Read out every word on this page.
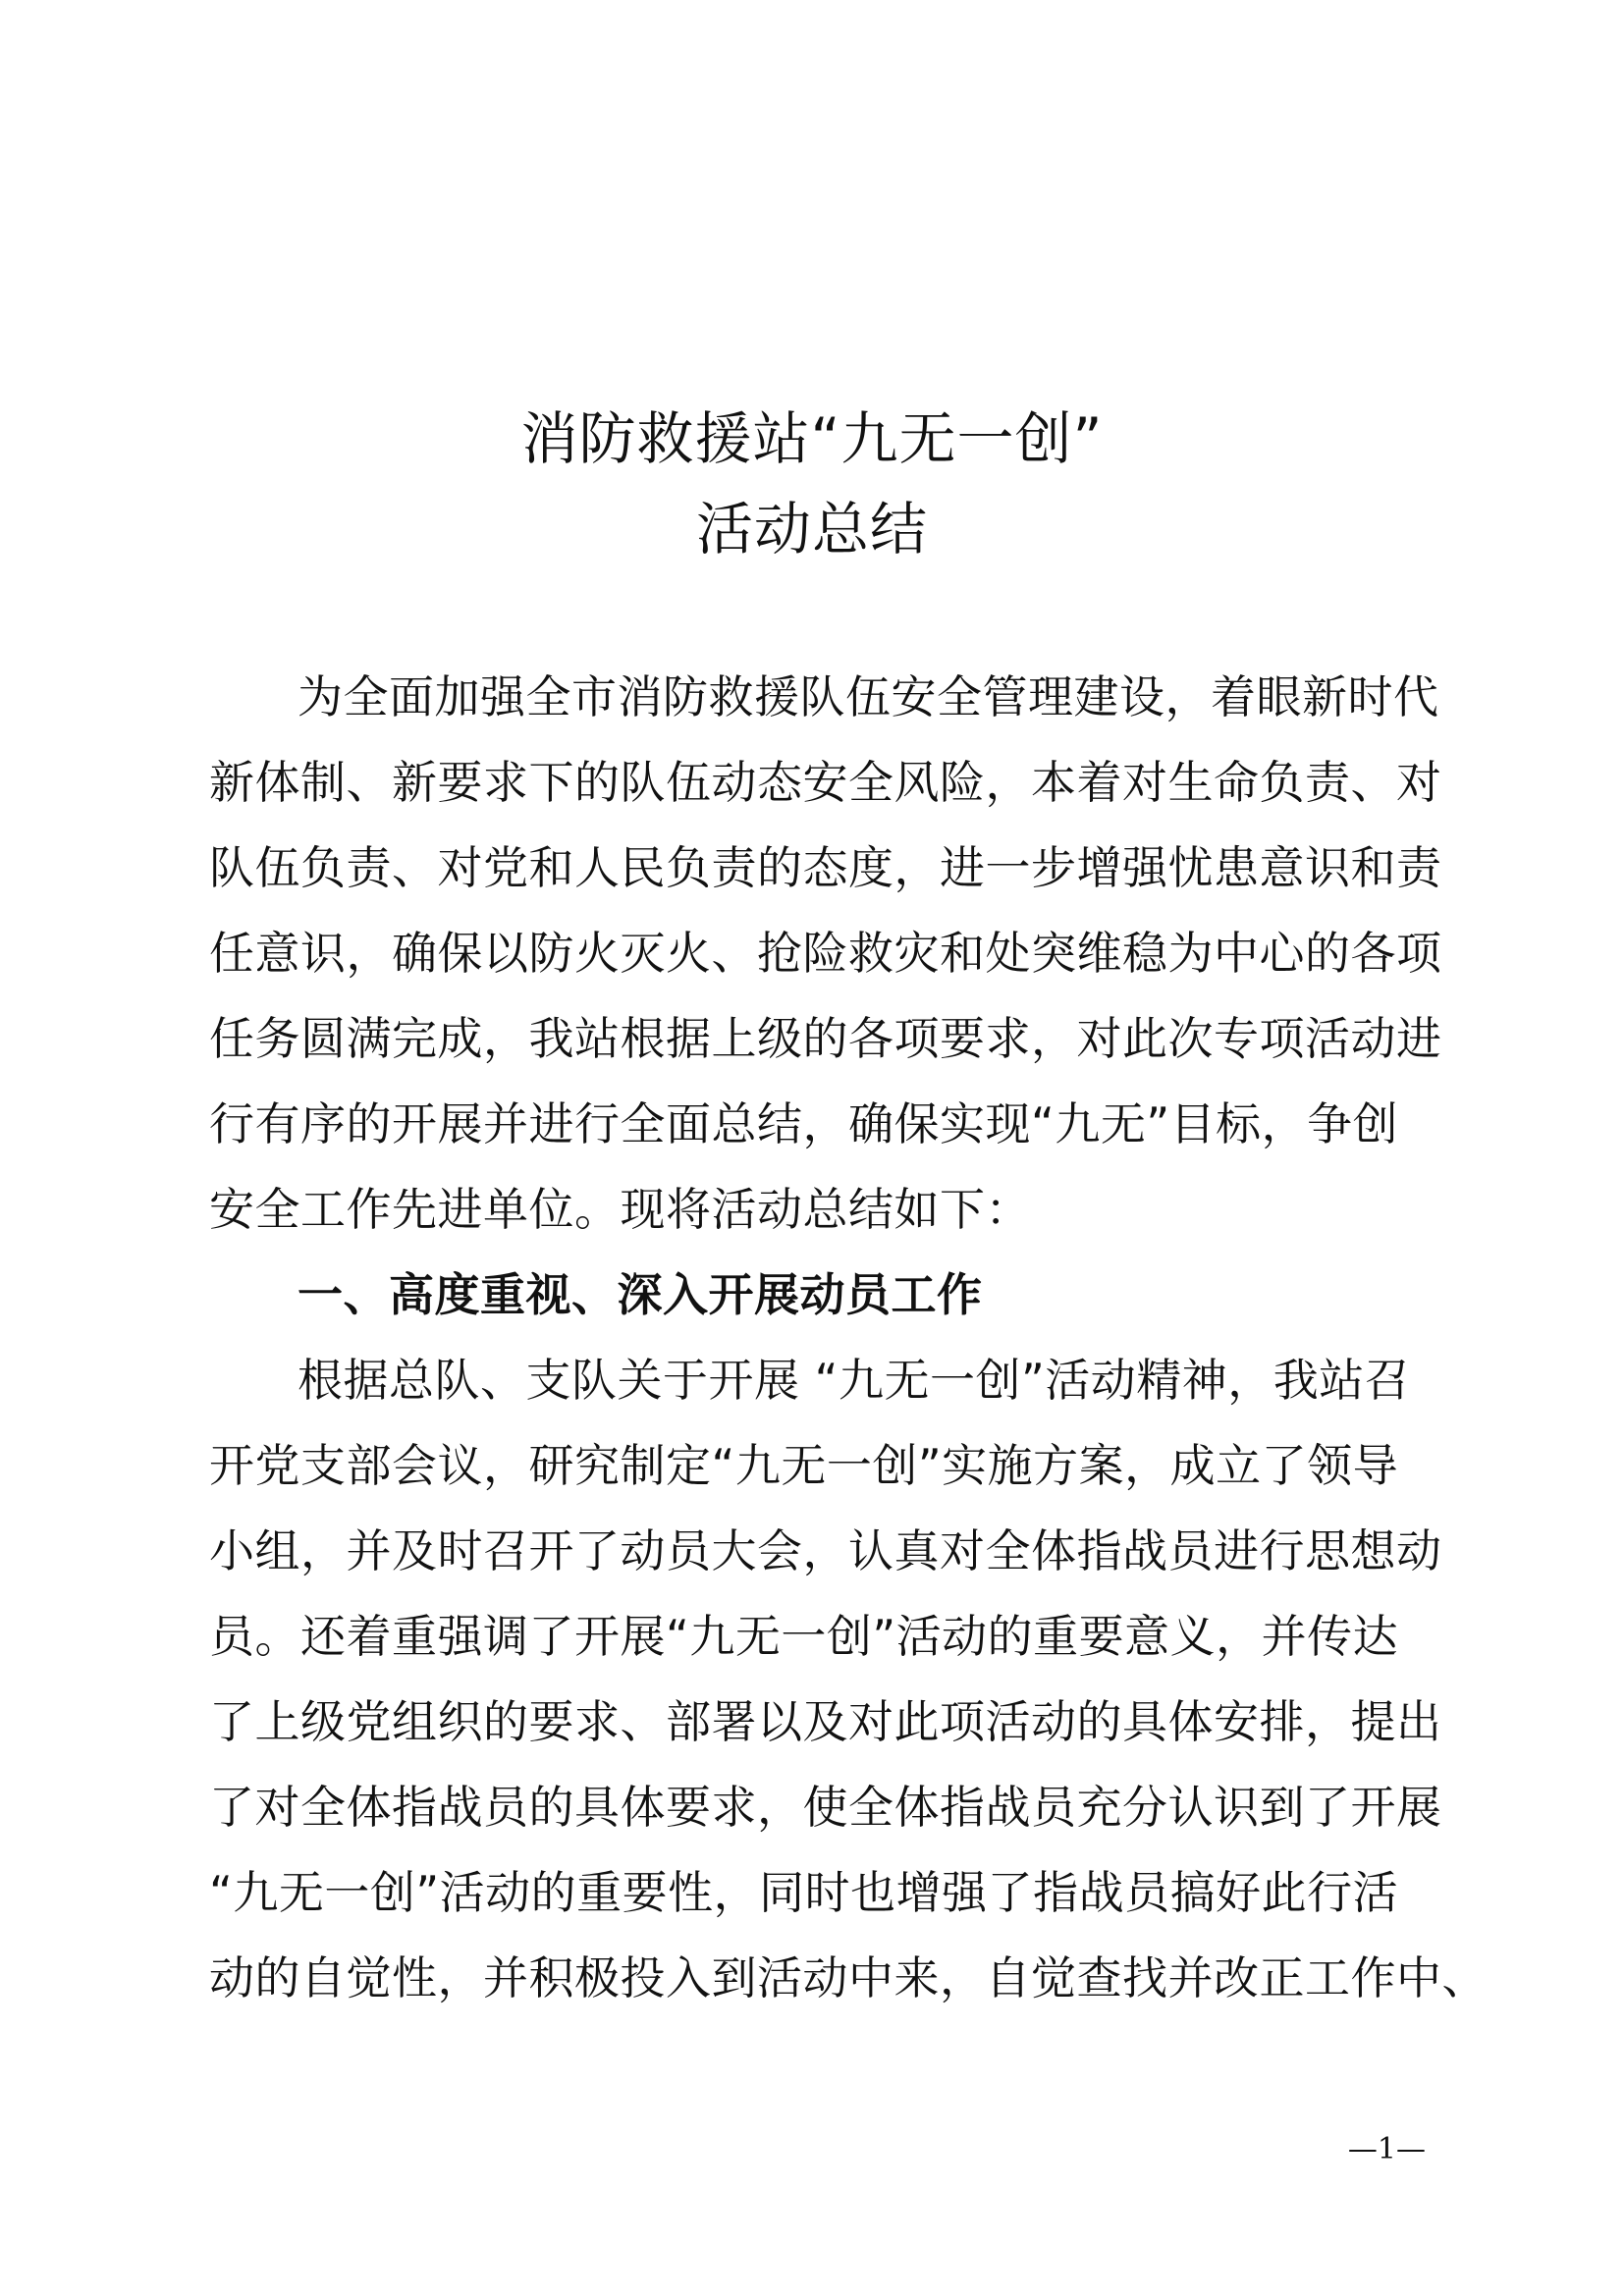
消防救援站“九无一创”
活动总结
为全面加强全市消防救援队伍安全管理建设，着眼新时代
新体制、新要求下的队伍动态安全风险，本着对生命负责、对
队伍负责、对党和人民负责的态度，进一步增强忧患意识和责
任意识，确保以防火灭火、抢险救灾和处突维稳为中心的各项
任务圆满完成，我站根据上级的各项要求，对此次专项活动进
行有序的开展并进行全面总结，确保实现“九无”目标，争创
安全工作先进单位。现将活动总结如下：
一、高度重视、深入开展动员工作
根据总队、支队关于开展 “九无一创”活动精神，我站召
开党支部会议，研究制定“九无一创”实施方案，成立了领导
小组，并及时召开了动员大会，认真对全体指战员进行思想动
员。还着重强调了开展“九无一创”活动的重要意义，并传达
了上级党组织的要求、部署以及对此项活动的具体安排，提出
了对全体指战员的具体要求，使全体指战员充分认识到了开展
“九无一创”活动的重要性，同时也增强了指战员搞好此行活
动的自觉性，并积极投入到活动中来，自觉查找并改正工作中、
—1—
